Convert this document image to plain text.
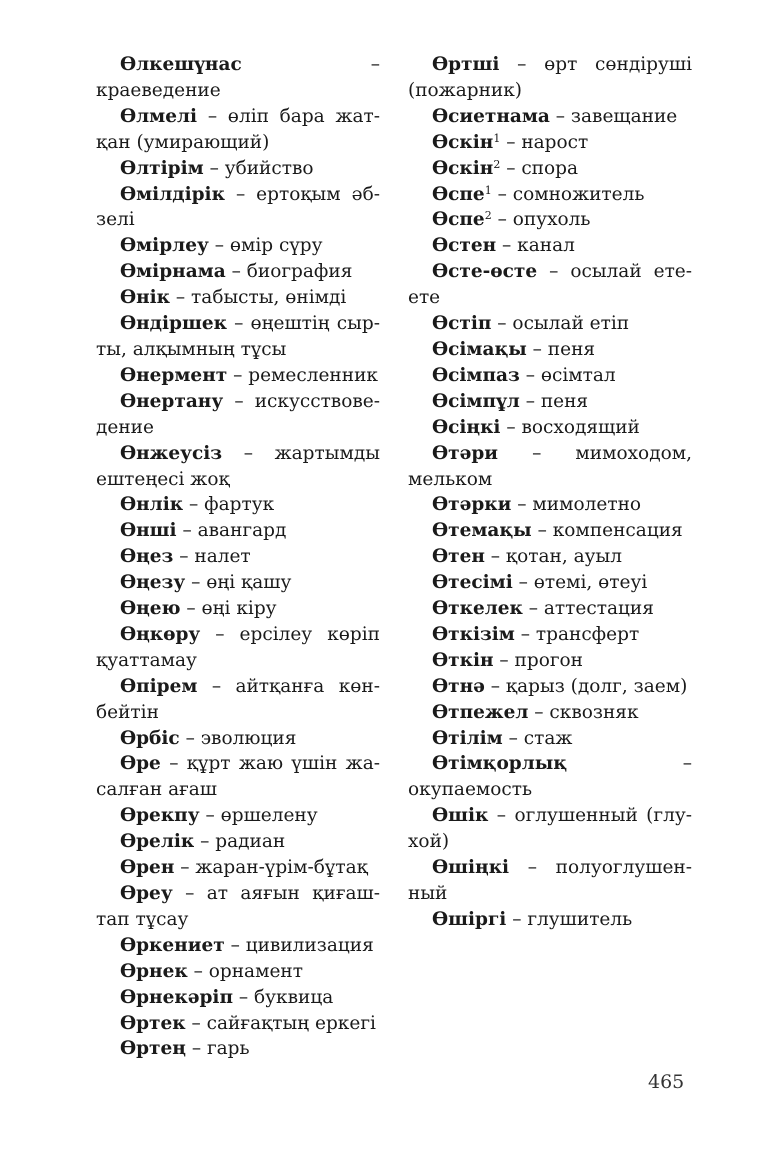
Өлкешүнас – краеведение

Өлмелі – өліп бара жатқан (умирающий)

Өлтірім – убийство

Өмілдірік – ертоқым әбзелі

Өмірлеу – өмір сүру

Өмірнама – биография

Өнік – табысты, өнімді

Өндіршек – өңештің сырты, алқымның тұсы

Өнермент – ремесленник

Өнертану – искусствоведение

Өнжеусіз – жартымды ештеңесі жоқ

Өнлік – фартук

Өнші – авангард

Өңез – налет

Өңезу – өңі қашу

Өңею – өңі кіру

Өңкөру – ерсілеу көріп қуаттамау

Өпірем – айтқанға көнбейтін

Өрбіс – эволюция

Өре – құрт жаю үшін жасалған ағаш

Өрекпу – өршелену

Өрелік – радиан

Өрен – жаран-үрім-бұтақ

Өреу – ат аяғын қиғаштап тұсау

Өркениет – цивилизация

Өрнек – орнамент

Өрнекәріп – буквица

Өртек – сайғақтың еркегі

Өртең – гарь

Өртші – өрт сөндіруші (пожарник)

Өсиетнама – завещание

Өскін$^1$ – нарост

Өскін$^2$ – спора

Өспе$^1$ – сомножитель

Өспе$^2$ – опухоль

Өстен – канал

Өсте-өсте – осылай ете-ете

Өстіп – осылай етіп

Өсімақы – пеня

Өсімпаз – өсімтал

Өсімпұл – пеня

Өсіңкі – восходящий

Өтәри – мимоходом, мельком

Өтәрки – мимолетно

Өтемақы – компенсация

Өтен – қотан, ауыл

Өтесімі – өтемі, өтеуі

Өткелек – аттестация

Өткізім – трансферт

Өткін – прогон

Өтнә – қарыз (долг, заем)

Өтпежел – сквозняк

Өтілім – стаж

Өтімқорлық – окупаемость

Өшік – оглушенный (глухой)

Өшіңкі – полуоглушенный

Өшіргі – глушитель

465
